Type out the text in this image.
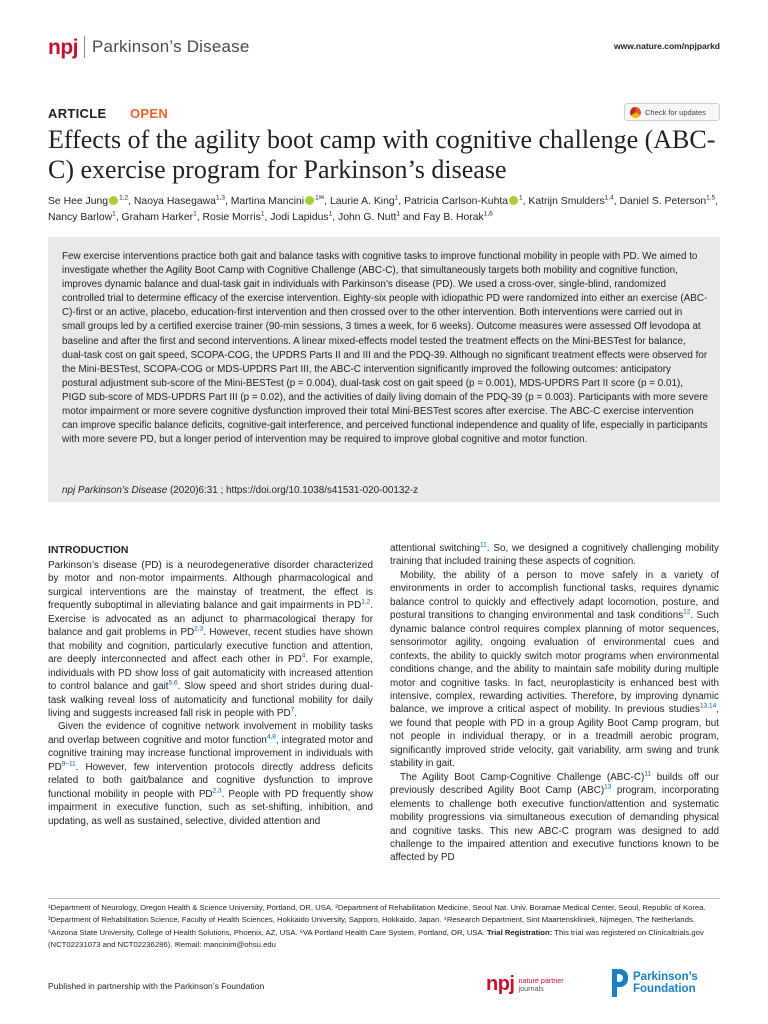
npj Parkinson’s Disease	www.nature.com/npjparkd
ARTICLE OPEN	Check for updates
Effects of the agility boot camp with cognitive challenge (ABC-C) exercise program for Parkinson’s disease
Se Hee Jung $^{1,2}$, Naoya Hasegawa$^{1,3}$, Martina Mancini $^{1✉}$, Laurie A. King$^1$, Patricia Carlson-Kuhta $^1$, Katrijn Smulders$^{1,4}$, Daniel S. Peterson$^{1,5}$, Nancy Barlow$^1$, Graham Harker$^1$, Rosie Morris$^1$, Jodi Lapidus$^1$, John G. Nutt$^1$ and Fay B. Horak$^{1,6}$

Few exercise interventions practice both gait and balance tasks with cognitive tasks to improve functional mobility in people with PD. We aimed to investigate whether the Agility Boot Camp with Cognitive Challenge (ABC-C), that simultaneously targets both mobility and cognitive function, improves dynamic balance and dual-task gait in individuals with Parkinson’s disease (PD). We used a cross-over, single-blind, randomized controlled trial to determine efficacy of the exercise intervention. Eighty-six people with idiopathic PD were randomized into either an exercise (ABC-C)-first or an active, placebo, education-first intervention and then crossed over to the other intervention. Both interventions were carried out in small groups led by a certified exercise trainer (90-min sessions, 3 times a week, for 6 weeks). Outcome measures were assessed Off levodopa at baseline and after the first and second interventions. A linear mixed-effects model tested the treatment effects on the Mini-BESTest for balance, dual-task cost on gait speed, SCOPA-COG, the UPDRS Parts II and III and the PDQ-39. Although no significant treatment effects were observed for the Mini-BESTest, SCOPA-COG or MDS-UPDRS Part III, the ABC-C intervention significantly improved the following outcomes: anticipatory postural adjustment sub-score of the Mini-BESTest (p = 0.004), dual-task cost on gait speed (p = 0.001), MDS-UPDRS Part II score (p = 0.01), PIGD sub-score of MDS-UPDRS Part III (p = 0.02), and the activities of daily living domain of the PDQ-39 (p = 0.003). Participants with more severe motor impairment or more severe cognitive dysfunction improved their total Mini-BESTest scores after exercise. The ABC-C exercise intervention can improve specific balance deficits, cognitive-gait interference, and perceived functional independence and quality of life, especially in participants with more severe PD, but a longer period of intervention may be required to improve global cognitive and motor function.

npj Parkinson’s Disease (2020)6:31 ; https://doi.org/10.1038/s41531-020-00132-z
INTRODUCTION

Parkinson’s disease (PD) is a neurodegenerative disorder characterized by motor and non-motor impairments. Although pharmacological and surgical interventions are the mainstay of treatment, the effect is frequently suboptimal in alleviating balance and gait impairments in PD$^{1,2}$. Exercise is advocated as an adjunct to pharmacological therapy for balance and gait problems in PD$^{2,3}$. However, recent studies have shown that mobility and cognition, particularly executive function and attention, are deeply interconnected and affect each other in $PD^4$. For example, individuals with PD show loss of gait automaticity with increased attention to control balance and gait$^{5,6}$. Slow speed and short strides during dual-task walking reveal loss of automaticity and functional mobility for daily living and suggests increased fall risk in people with $PD^7$.

Given the evidence of cognitive network involvement in mobility tasks and overlap between cognitive and motor function$^{4,8}$, integrated motor and cognitive training may increase functional improvement in individuals with PD$^{9-11}$. However, few intervention protocols directly address deficits related to both gait/balance and cognitive dysfunction to improve functional mobility in people with PD$^{2,3}$. People with PD frequently show impairment in executive function, such as set-shifting, inhibition, and updating, as well as sustained, selective, divided attention and

attentional switching$^{11}$. So, we designed a cognitively challenging mobility training that included training these aspects of cognition.

Mobility, the ability of a person to move safely in a variety of environments in order to accomplish functional tasks, requires dynamic balance control to quickly and effectively adapt locomotion, posture, and postural transitions to changing environmental and task conditions$^{12}$. Such dynamic balance control requires complex planning of motor sequences, sensorimotor agility, ongoing evaluation of environmental cues and contexts, the ability to quickly switch motor programs when environmental conditions change, and the ability to maintain safe mobility during multiple motor and cognitive tasks. In fact, neuroplasticity is enhanced best with intensive, complex, rewarding activities. Therefore, by improving dynamic balance, we improve a critical aspect of mobility. In previous studies$^{13,14}$, we found that people with PD in a group Agility Boot Camp program, but not people in individual therapy, or in a treadmill aerobic program, significantly improved stride velocity, gait variability, arm swing and trunk stability in gait.

The Agility Boot Camp-Cognitive Challenge $(ABC-C)^{11}$ builds off our previously described Agility Boot Camp (ABC)$^{13}$ program, incorporating elements to challenge both executive function/attention and systematic mobility progressions via simultaneous execution of demanding physical and cognitive tasks. This new ABC-C program was designed to add challenge to the impaired attention and executive functions known to be affected by PD

¹Department of Neurology, Oregon Health & Science University, Portland, OR, USA. ²Department of Rehabilitation Medicine, Seoul Nat. Univ. Boramae Medical Center, Seoul, Republic of Korea. ³Department of Rehabilitation Science, Faculty of Health Sciences, Hokkaido University, Sapporo, Hokkaido, Japan. ⁴Research Department, Sint Maartenskliniek, Nijmegen, The Netherlands. ⁵Arizona State University, College of Health Solutions, Phoenix, AZ, USA. ⁶VA Portland Health Care System, Portland, OR, USA. Trial Registration: This trial was registered on Clinicaltrials.gov (NCT02231073 and NCT02236286). ✉email: mancinim@ohsu.edu

Published in partnership with the Parkinson’s Foundation	npj nature partner
journals
Parkinson’s
Foundation
